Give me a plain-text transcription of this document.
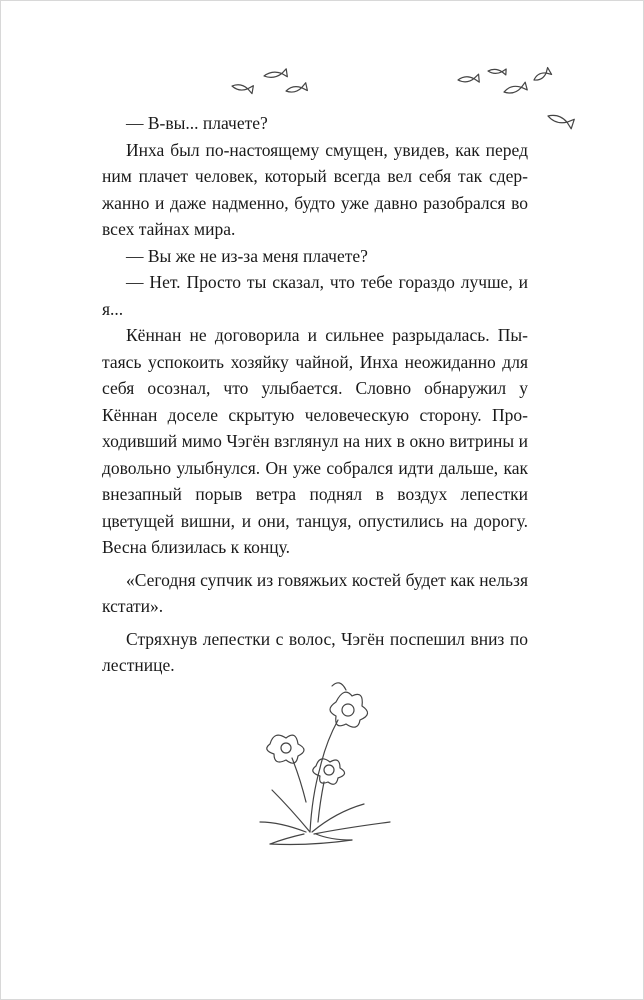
— В-вы... плачете?

Инха был по-настоящему смущен, увидев, как перед ним плачет человек, который всегда вел себя так сдержанно и даже надменно, будто уже давно разобрался во всех тайнах мира.

— Вы же не из-за меня плачете?

— Нет. Просто ты сказал, что тебе гораздо лучше, и я...

Кённан не договорила и сильнее разрыдалась. Пытаясь успокоить хозяйку чайной, Инха неожиданно для себя осознал, что улыбается. Словно обнаружил у Кённан доселе скрытую человеческую сторону. Проходивший мимо Чэгён взглянул на них в окно витрины и довольно улыбнулся. Он уже собрался идти дальше, как внезапный порыв ветра поднял в воздух лепестки цветущей вишни, и они, танцуя, опустились на дорогу. Весна близилась к концу.

«Сегодня супчик из говяжьих костей будет как нельзя кстати».

Стряхнув лепестки с волос, Чэгён поспешил вниз по лестнице.
